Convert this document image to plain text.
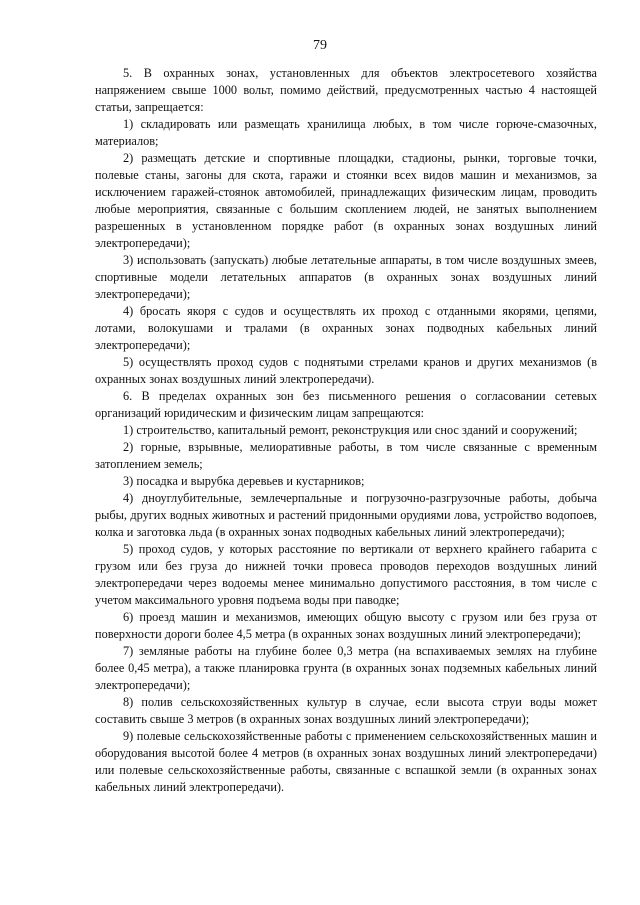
79

5. В охранных зонах, установленных для объектов электросетевого хозяйства напряжением свыше 1000 вольт, помимо действий, предусмотренных частью 4 настоящей статьи, запрещается:

1) складировать или размещать хранилища любых, в том числе горюче-смазочных, материалов;

2) размещать детские и спортивные площадки, стадионы, рынки, торговые точки, полевые станы, загоны для скота, гаражи и стоянки всех видов машин и механизмов, за исключением гаражей-стоянок автомобилей, принадлежащих физическим лицам, проводить любые мероприятия, связанные с большим скоплением людей, не занятых выполнением разрешенных в установленном порядке работ (в охранных зонах воздушных линий электропередачи);

3) использовать (запускать) любые летательные аппараты, в том числе воздушных змеев, спортивные модели летательных аппаратов (в охранных зонах воздушных линий электропередачи);

4) бросать якоря с судов и осуществлять их проход с отданными якорями, цепями, лотами, волокушами и тралами (в охранных зонах подводных кабельных линий электропередачи);

5) осуществлять проход судов с поднятыми стрелами кранов и других механизмов (в охранных зонах воздушных линий электропередачи).

6. В пределах охранных зон без письменного решения о согласовании сетевых организаций юридическим и физическим лицам запрещаются:

1) строительство, капитальный ремонт, реконструкция или снос зданий и сооружений;

2) горные, взрывные, мелиоративные работы, в том числе связанные с временным затоплением земель;

3) посадка и вырубка деревьев и кустарников;

4) дноуглубительные, землечерпальные и погрузочно-разгрузочные работы, добыча рыбы, других водных животных и растений придонными орудиями лова, устройство водопоев, колка и заготовка льда (в охранных зонах подводных кабельных линий электропередачи);

5) проход судов, у которых расстояние по вертикали от верхнего крайнего габарита с грузом или без груза до нижней точки провеса проводов переходов воздушных линий электропередачи через водоемы менее минимально допустимого расстояния, в том числе с учетом максимального уровня подъема воды при паводке;

6) проезд машин и механизмов, имеющих общую высоту с грузом или без груза от поверхности дороги более 4,5 метра (в охранных зонах воздушных линий электропередачи);

7) земляные работы на глубине более 0,3 метра (на вспахиваемых землях на глубине более 0,45 метра), а также планировка грунта (в охранных зонах подземных кабельных линий электропередачи);

8) полив сельскохозяйственных культур в случае, если высота струи воды может составить свыше 3 метров (в охранных зонах воздушных линий электропередачи);

9) полевые сельскохозяйственные работы с применением сельскохозяйственных машин и оборудования высотой более 4 метров (в охранных зонах воздушных линий электропередачи) или полевые сельскохозяйственные работы, связанные с вспашкой земли (в охранных зонах кабельных линий электропередачи).
